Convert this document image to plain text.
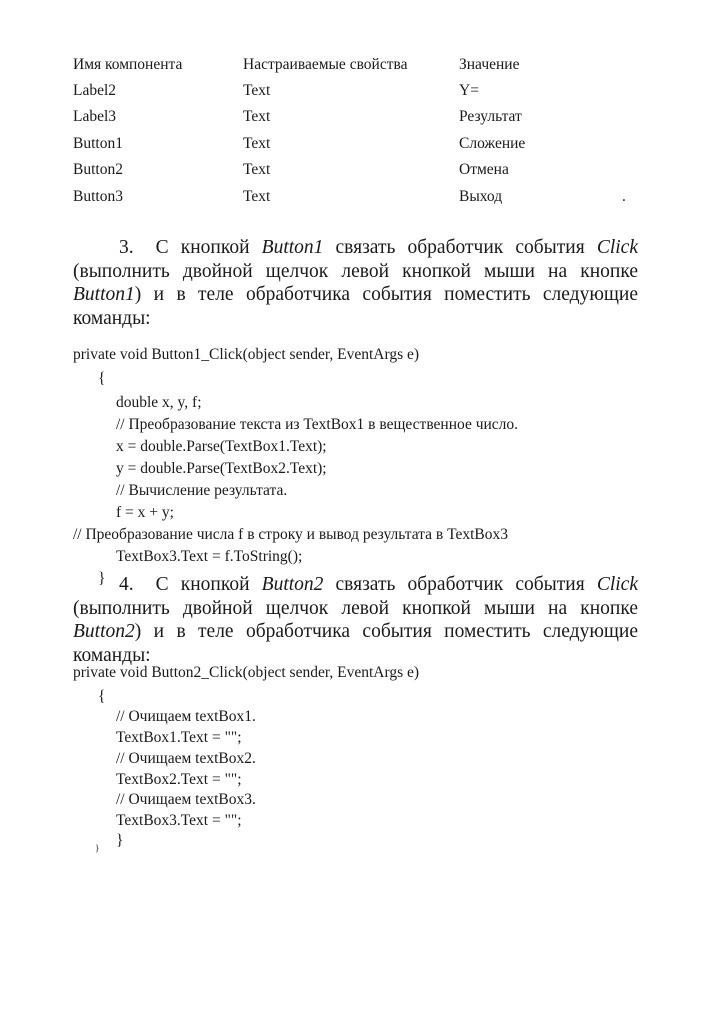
Имя компонента	Настраиваемые свойства	Значение
Label2	Text	Y=
Label3	Text	Результат
Button1	Text	Сложение
Button2	Text	Отмена
Button3	Text	Выход	.
3. С кнопкой Button1 связать обработчик события Click
(выполнить двойной щелчок левой кнопкой мыши на кнопке
Button1) и в теле обработчика события поместить следующие
команды:
private void Button1_Click(object sender, EventArgs e)
{
double x, y, f;
// Преобразование текста из TextBox1 в вещественное число.
x = double.Parse(TextBox1.Text);
y = double.Parse(TextBox2.Text);
// Вычисление результата.
f = x + y;
// Преобразование числа f в строку и вывод результата в TextBox3
TextBox3.Text = f.ToString();
} 4. С кнопкой Button2 связать обработчик события Click
(выполнить двойной щелчок левой кнопкой мыши на кнопке
Button2) и в теле обработчика события поместить следующие
команды:
private void Button2_Click(object sender, EventArgs e)
{
// Очищаем textBox1.
TextBox1.Text = "";
// Очищаем textBox2.
TextBox2.Text = "";
// Очищаем textBox3.
TextBox3.Text = "";
}
}
